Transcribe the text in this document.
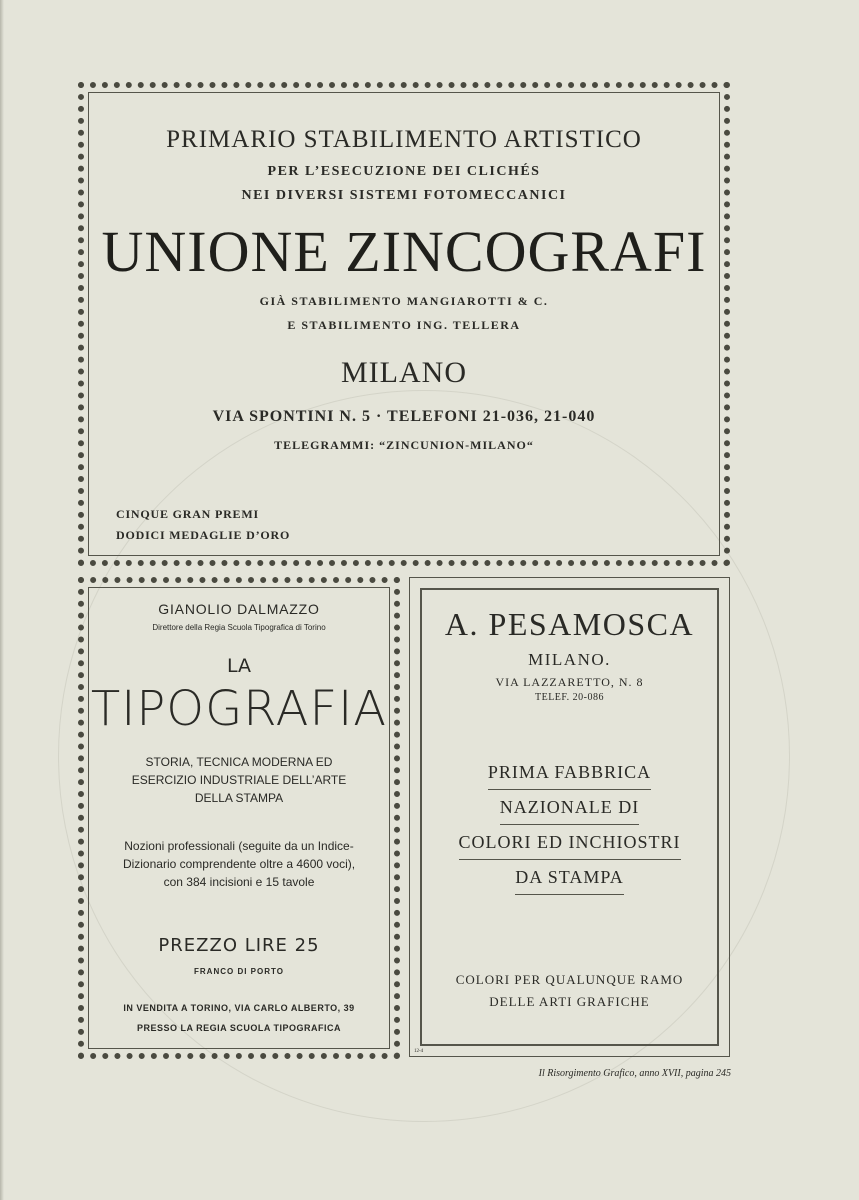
PRIMARIO STABILIMENTO ARTISTICO
PER L’ESECUZIONE DEI CLICHÉS
NEI DIVERSI SISTEMI FOTOMECCANICI
UNIONE ZINCOGRAFI
GIÀ STABILIMENTO MANGIAROTTI & C.
E STABILIMENTO ING. TELLERA
MILANO
VIA SPONTINI N. 5 · TELEFONI 21-036, 21-040
TELEGRAMMI: “ZINCUNION-MILANO“
CINQUE GRAN PREMI
DODICI MEDAGLIE D’ORO
GIANOLIO DALMAZZO
Direttore della Regia Scuola Tipografica di Torino
LA
TIPOGRAFIA
STORIA, TECNICA MODERNA ED ESERCIZIO INDUSTRIALE DELL’ARTE DELLA STAMPA
Nozioni professionali (seguite da un Indice-Dizionario comprendente oltre a 4600 voci), con 384 incisioni e 15 tavole
PREZZO LIRE 25
FRANCO DI PORTO
IN VENDITA A TORINO, VIA CARLO ALBERTO, 39
PRESSO LA REGIA SCUOLA TIPOGRAFICA
A. PESAMOSCA
MILANO.
VIA LAZZARETTO, N. 8
TELEF. 20-086
PRIMA FABBRICA
NAZIONALE DI
COLORI ED INCHIOSTRI
DA STAMPA
COLORI PER QUALUNQUE RAMO
DELLE ARTI GRAFICHE
12-4
Il Risorgimento Grafico, anno XVII, pagina 245
